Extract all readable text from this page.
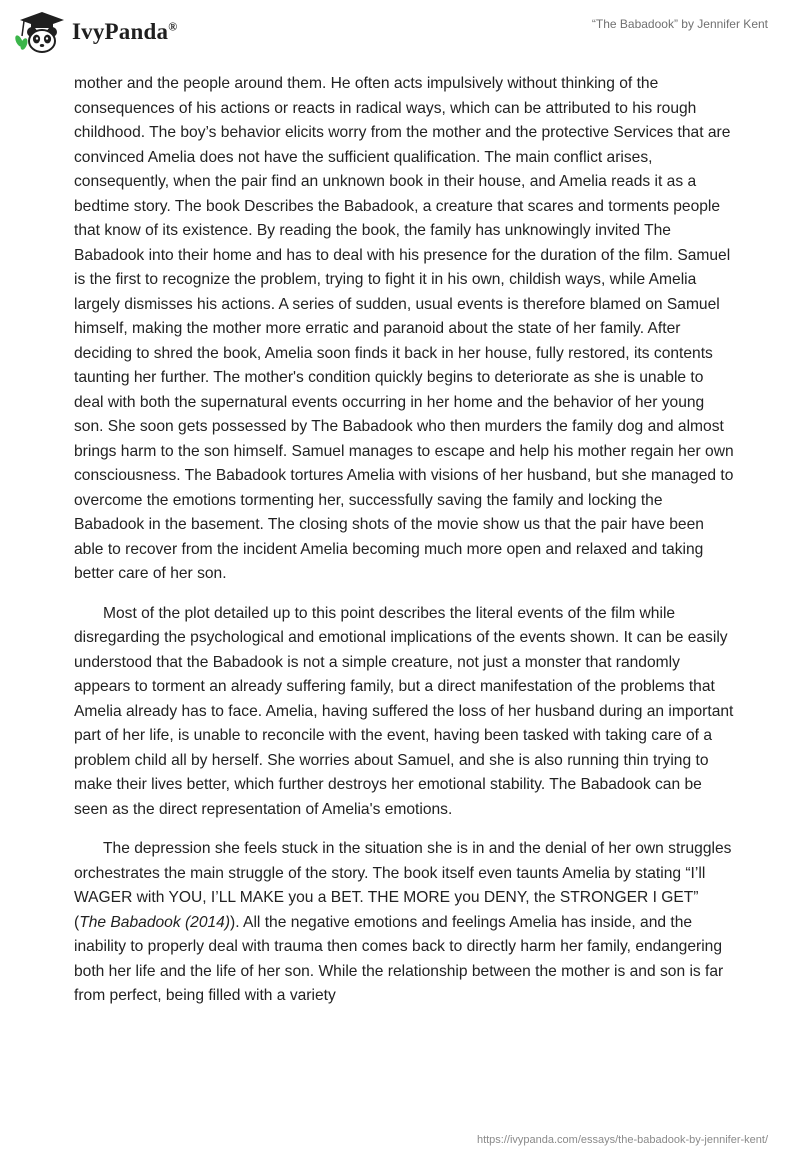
IvyPanda®	“The Babadook” by Jennifer Kent

mother and the people around them. He often acts impulsively without thinking of the consequences of his actions or reacts in radical ways, which can be attributed to his rough childhood. The boy’s behavior elicits worry from the mother and the protective Services that are convinced Amelia does not have the sufficient qualification. The main conflict arises, consequently, when the pair find an unknown book in their house, and Amelia reads it as a bedtime story. The book Describes the Babadook, a creature that scares and torments people that know of its existence. By reading the book, the family has unknowingly invited The Babadook into their home and has to deal with his presence for the duration of the film. Samuel is the first to recognize the problem, trying to fight it in his own, childish ways, while Amelia largely dismisses his actions. A series of sudden, usual events is therefore blamed on Samuel himself, making the mother more erratic and paranoid about the state of her family. After deciding to shred the book, Amelia soon finds it back in her house, fully restored, its contents taunting her further. The mother's condition quickly begins to deteriorate as she is unable to deal with both the supernatural events occurring in her home and the behavior of her young son. She soon gets possessed by The Babadook who then murders the family dog and almost brings harm to the son himself. Samuel manages to escape and help his mother regain her own consciousness. The Babadook tortures Amelia with visions of her husband, but she managed to overcome the emotions tormenting her, successfully saving the family and locking the Babadook in the basement. The closing shots of the movie show us that the pair have been able to recover from the incident Amelia becoming much more open and relaxed and taking better care of her son.

Most of the plot detailed up to this point describes the literal events of the film while disregarding the psychological and emotional implications of the events shown. It can be easily understood that the Babadook is not a simple creature, not just a monster that randomly appears to torment an already suffering family, but a direct manifestation of the problems that Amelia already has to face. Amelia, having suffered the loss of her husband during an important part of her life, is unable to reconcile with the event, having been tasked with taking care of a problem child all by herself. She worries about Samuel, and she is also running thin trying to make their lives better, which further destroys her emotional stability. The Babadook can be seen as the direct representation of Amelia's emotions.

The depression she feels stuck in the situation she is in and the denial of her own struggles orchestrates the main struggle of the story. The book itself even taunts Amelia by stating “I’ll WAGER with YOU, I’LL MAKE you a BET. THE MORE you DENY, the STRONGER I GET” (The Babadook (2014)). All the negative emotions and feelings Amelia has inside, and the inability to properly deal with trauma then comes back to directly harm her family, endangering both her life and the life of her son. While the relationship between the mother is and son is far from perfect, being filled with a variety

https://ivypanda.com/essays/the-babadook-by-jennifer-kent/
